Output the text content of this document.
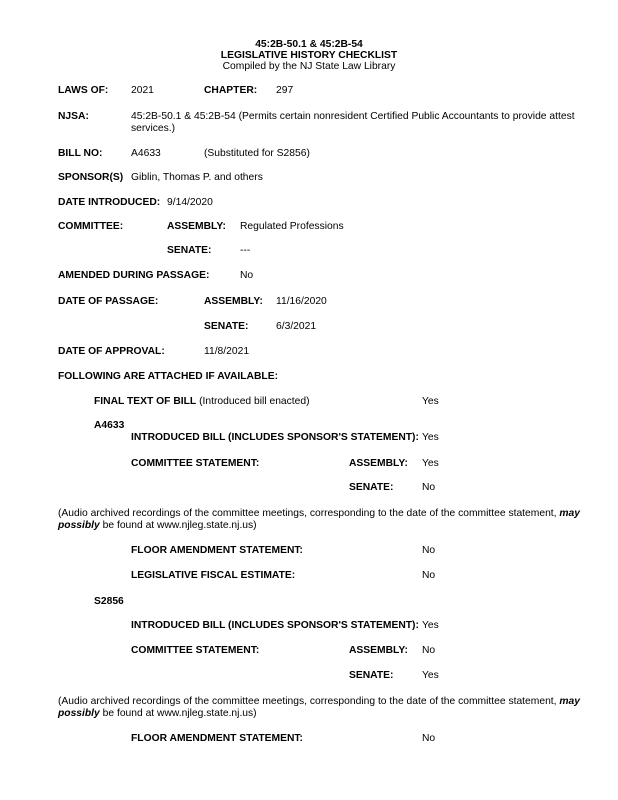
45:2B-50.1 & 45:2B-54
LEGISLATIVE HISTORY CHECKLIST
Compiled by the NJ State Law Library
LAWS OF: 2021	CHAPTER: 297
NJSA:	45:2B-50.1 & 45:2B-54 (Permits certain nonresident Certified Public Accountants to provide attest
services.)
BILL NO:	A4633	(Substituted for S2856)
SPONSOR(S) Giblin, Thomas P. and others
DATE INTRODUCED: 9/14/2020
COMMITTEE:	ASSEMBLY: Regulated Professions
SENATE:	---
AMENDED DURING PASSAGE:	No
DATE OF PASSAGE:	ASSEMBLY: 11/16/2020
SENATE:	6/3/2021
DATE OF APPROVAL:	11/8/2021
FOLLOWING ARE ATTACHED IF AVAILABLE:
FINAL TEXT OF BILL (Introduced bill enacted)	Yes
A4633
INTRODUCED BILL (INCLUDES SPONSOR'S STATEMENT): Yes
COMMITTEE STATEMENT:	ASSEMBLY: Yes
SENATE:	No
(Audio archived recordings of the committee meetings, corresponding to the date of the committee statement, may
possibly be found at www.njleg.state.nj.us)
FLOOR AMENDMENT STATEMENT:	No
LEGISLATIVE FISCAL ESTIMATE:	No
S2856
INTRODUCED BILL (INCLUDES SPONSOR'S STATEMENT): Yes
COMMITTEE STATEMENT:	ASSEMBLY: No
SENATE:	Yes
(Audio archived recordings of the committee meetings, corresponding to the date of the committee statement, may
possibly be found at www.njleg.state.nj.us)
FLOOR AMENDMENT STATEMENT:	No
